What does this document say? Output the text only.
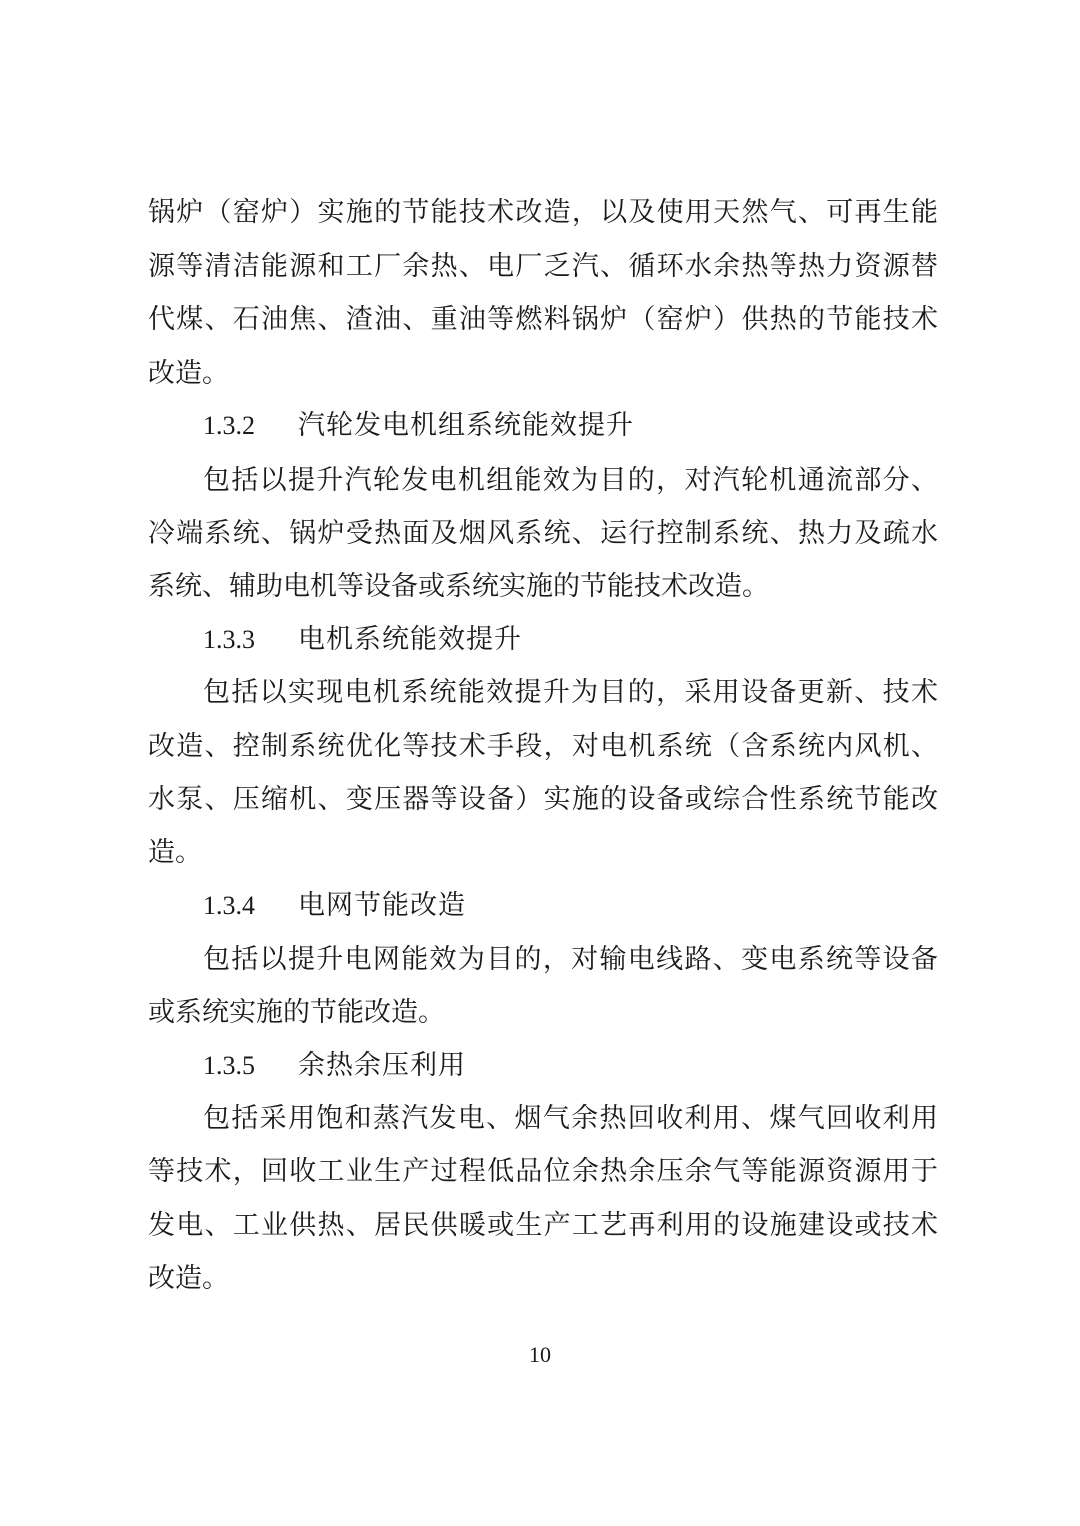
锅炉（窑炉）实施的节能技术改造，以及使用天然气、可再生能
源等清洁能源和工厂余热、电厂乏汽、循环水余热等热力资源替
代煤、石油焦、渣油、重油等燃料锅炉（窑炉）供热的节能技术
改造。
1.3.2 汽轮发电机组系统能效提升
包括以提升汽轮发电机组能效为目的，对汽轮机通流部分、
冷端系统、锅炉受热面及烟风系统、运行控制系统、热力及疏水
系统、辅助电机等设备或系统实施的节能技术改造。
1.3.3 电机系统能效提升
包括以实现电机系统能效提升为目的，采用设备更新、技术
改造、控制系统优化等技术手段，对电机系统（含系统内风机、
水泵、压缩机、变压器等设备）实施的设备或综合性系统节能改
造。
1.3.4 电网节能改造
包括以提升电网能效为目的，对输电线路、变电系统等设备
或系统实施的节能改造。
1.3.5 余热余压利用
包括采用饱和蒸汽发电、烟气余热回收利用、煤气回收利用
等技术，回收工业生产过程低品位余热余压余气等能源资源用于
发电、工业供热、居民供暖或生产工艺再利用的设施建设或技术
改造。
10
